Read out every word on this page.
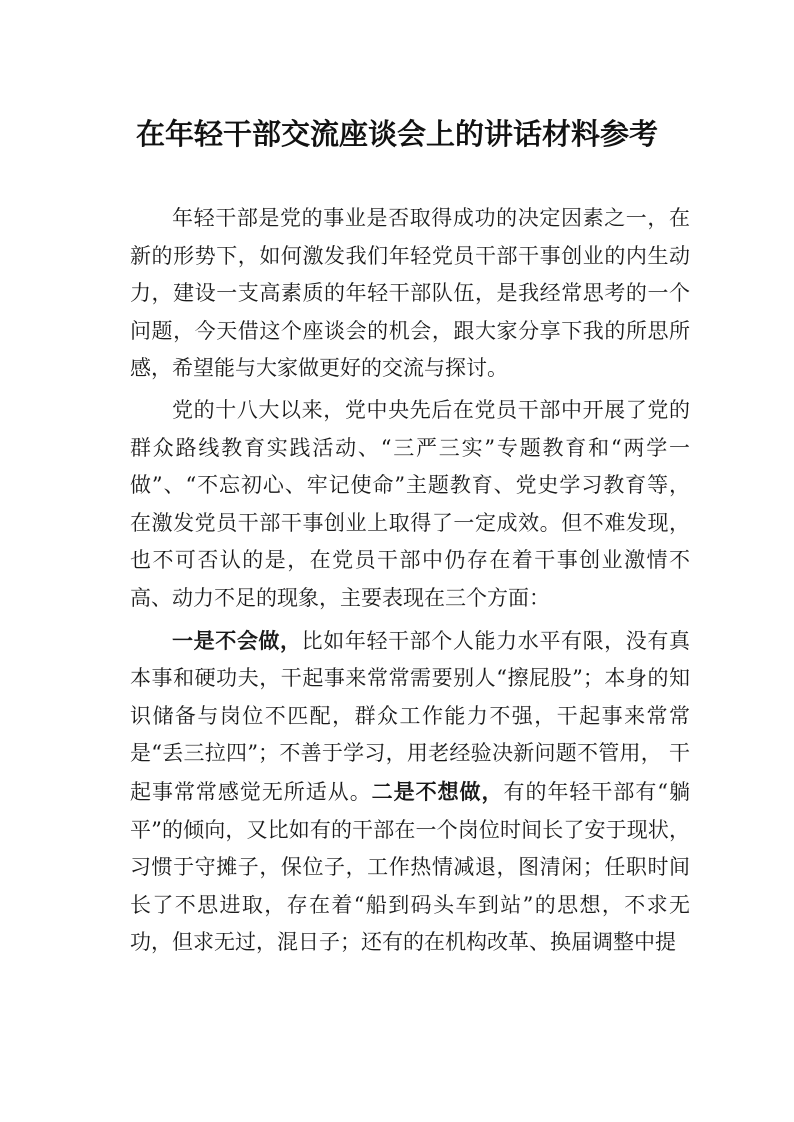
在年轻干部交流座谈会上的讲话材料参考

年轻干部是党的事业是否取得成功的决定因素之一，在新的形势下，如何激发我们年轻党员干部干事创业的内生动力，建设一支高素质的年轻干部队伍，是我经常思考的一个问题，今天借这个座谈会的机会，跟大家分享下我的所思所感，希望能与大家做更好的交流与探讨。

党的十八大以来，党中央先后在党员干部中开展了党的群众路线教育实践活动、“三严三实”专题教育和“两学一做”、“不忘初心、牢记使命”主题教育、党史学习教育等， 在激发党员干部干事创业上取得了一定成效。但不难发现， 也不可否认的是，在党员干部中仍存在着干事创业激情不高、动力不足的现象，主要表现在三个方面：

一是不会做，比如年轻干部个人能力水平有限，没有真本事和硬功夫，干起事来常常需要别人“擦屁股”；本身的知识储备与岗位不匹配，群众工作能力不强，干起事来常常是“丢三拉四”；不善于学习，用老经验决新问题不管用， 干起事常常感觉无所适从。二是不想做，有的年轻干部有“躺平”的倾向，又比如有的干部在一个岗位时间长了安于现状， 习惯于守摊子，保位子，工作热情减退，图清闲；任职时间长了不思进取，存在着“船到码头车到站”的思想，不求无功，但求无过，混日子；还有的在机构改革、换届调整中提
